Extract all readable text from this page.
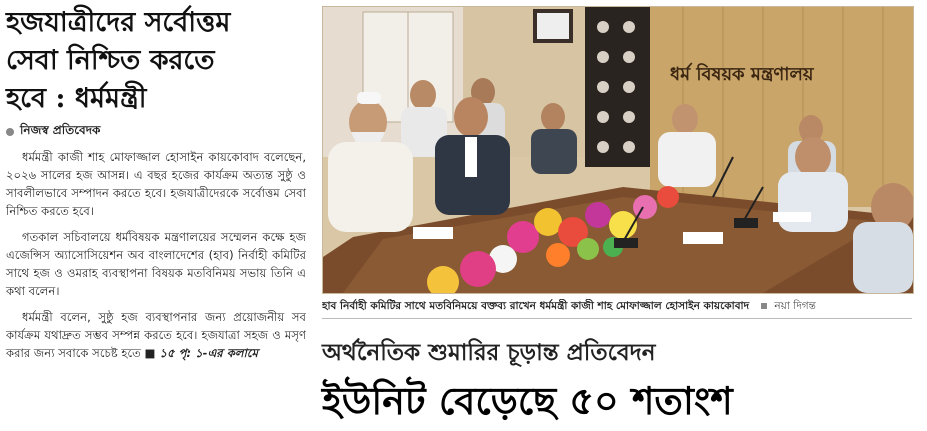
হজযাত্রীদের সর্বোত্তম
সেবা নিশ্চিত করতে
হবে : ধর্মমন্ত্রী
নিজস্ব প্রতিবেদক

ধর্মমন্ত্রী কাজী শাহ মোফাজ্জাল হোসাইন কায়কোবাদ বলেছেন, ২০২৬ সালের হজ আসন্ন। এ বছর হজের কার্যক্রম অত্যন্ত সুষ্ঠু ও সাবলীলভাবে সম্পাদন করতে হবে। হজযাত্রীদেরকে সর্বোত্তম সেবা নিশ্চিত করতে হবে।

গতকাল সচিবালয়ে ধর্মবিষয়ক মন্ত্রণালয়ের সম্মেলন কক্ষে হজ এজেন্সিস অ্যাসোসিয়েশন অব বাংলাদেশের (হাব) নির্বাহী কমিটির সাথে হজ ও ওমরাহ ব্যবস্থাপনা বিষয়ক মতবিনিময় সভায় তিনি এ কথা বলেন।

ধর্মমন্ত্রী বলেন, সুষ্ঠু হজ ব্যবস্থাপনার জন্য প্রয়োজনীয় সব কার্যক্রম যথাদ্রুত সম্ভব সম্পন্ন করতে হবে। হজযাত্রা সহজ ও মসৃণ করার জন্য সবাকে সচেষ্ট হতে ■ ১৫ পৃ: ১-এর কলামে

ধর্ম বিষয়ক মন্ত্রণালয়
হাব নির্বাহী কমিটির সাথে মতবিনিময়ে বক্তব্য রাখেন ধর্মমন্ত্রী কাজী শাহ মোফাজ্জাল হোসাইন কায়কোবাদ নয়া দিগন্ত
অর্থনৈতিক শুমারির চূড়ান্ত প্রতিবেদন
ইউনিট বেড়েছে ৫০ শতাংশ
